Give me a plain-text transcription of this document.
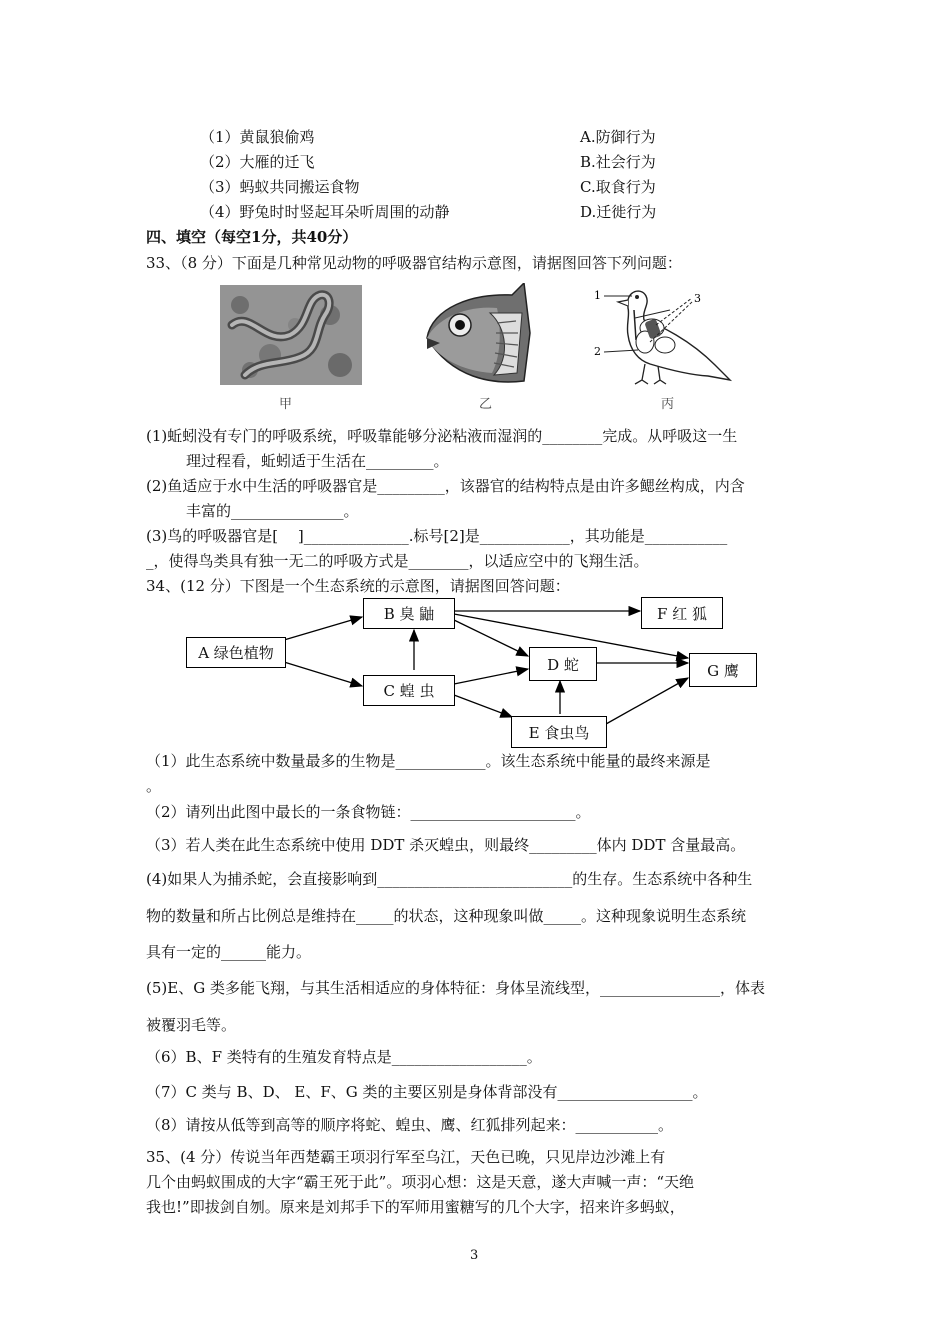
（1）黄鼠狼偷鸡
（2）大雁的迁飞
（3）蚂蚁共同搬运食物
（4）野兔时时竖起耳朵听周围的动静
A.防御行为
B.社会行为
C.取食行为
D.迁徙行为
四、填空（每空1分，共40分）
33、（8 分）下面是几种常见动物的呼吸器官结构示意图，请据图回答下列问题：
1
2
3
甲	乙	丙
(1)蚯蚓没有专门的呼吸系统，呼吸靠能够分泌粘液而湿润的________完成。从呼吸这一生
理过程看，蚯蚓适于生活在_________。
(2)鱼适应于水中生活的呼吸器官是_________，该器官的结构特点是由许多鳃丝构成，内含
丰富的_______________。
(3)鸟的呼吸器官是[　 ]______________.标号[2]是____________，其功能是___________
_，使得鸟类具有独一无二的呼吸方式是________，以适应空中的飞翔生活。
34、(12 分）下图是一个生态系统的示意图，请据图回答问题：
A 绿色植物
B 臭 鼬
C 蝗 虫
D 蛇
E 食虫鸟
F 红 狐
G 鹰
（1）此生态系统中数量最多的生物是____________。该生态系统中能量的最终来源是
。
（2）请列出此图中最长的一条食物链：______________________。
（3）若人类在此生态系统中使用 DDT 杀灭蝗虫，则最终_________体内 DDT 含量最高。
(4)如果人为捕杀蛇，会直接影响到__________________________的生存。生态系统中各种生
物的数量和所占比例总是维持在_____的状态，这种现象叫做_____。这种现象说明生态系统
具有一定的______能力。
(5)E、G 类多能飞翔，与其生活相适应的身体特征：身体呈流线型，________________，体表
被覆羽毛等。
（6）B、F 类特有的生殖发育特点是__________________。
（7）C 类与 B、D、 E、F、G 类的主要区别是身体背部没有__________________。
（8）请按从低等到高等的顺序将蛇、蝗虫、鹰、红狐排列起来：___________。
35、(4 分）传说当年西楚霸王项羽行军至乌江，天色已晚，只见岸边沙滩上有
几个由蚂蚁围成的大字“霸王死于此”。项羽心想：这是天意，遂大声喊一声：“天绝
我也!”即拔剑自刎。原来是刘邦手下的军师用蜜糖写的几个大字，招来许多蚂蚁，
3
